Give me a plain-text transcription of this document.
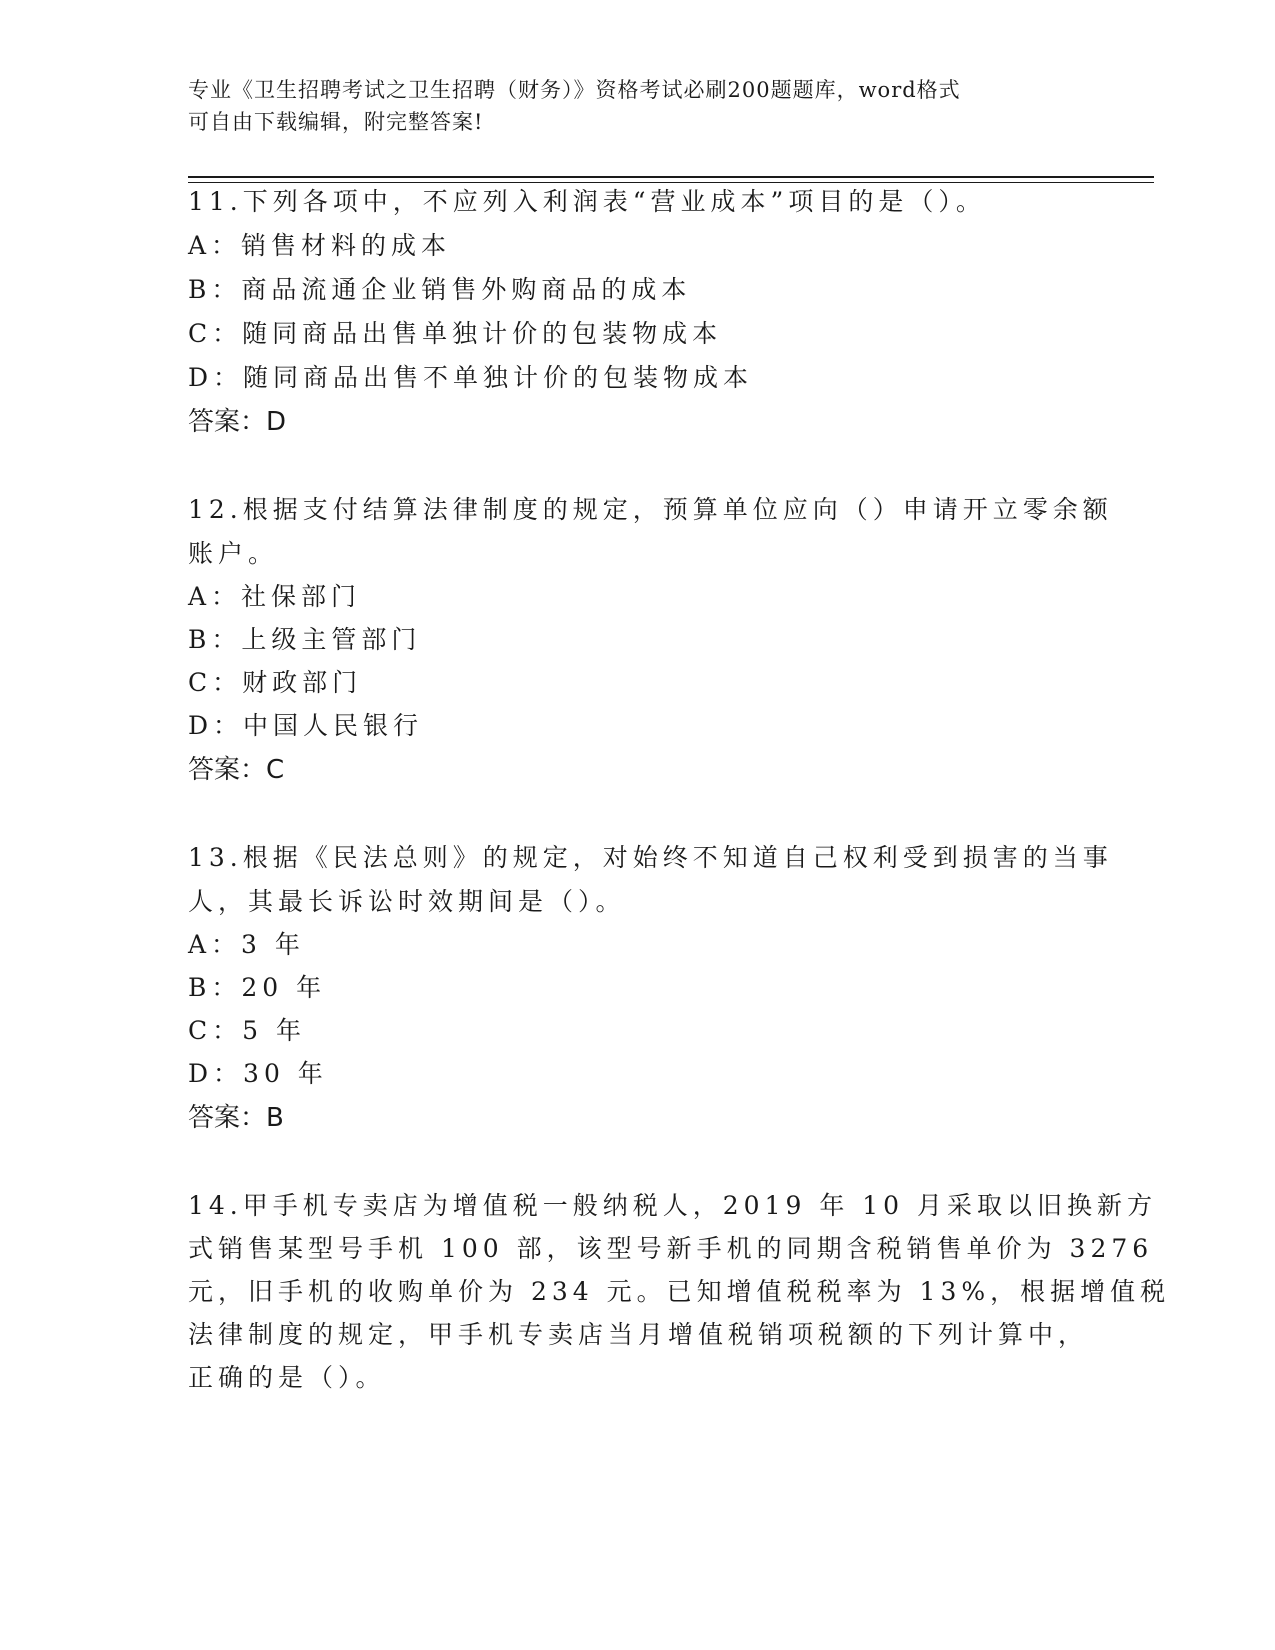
专业《卫生招聘考试之卫生招聘（财务）》资格考试必刷200题题库，word格式
可自由下载编辑，附完整答案!
11.下列各项中，不应列入利润表“营业成本”项目的是（）。
A：销售材料的成本
B：商品流通企业销售外购商品的成本
C：随同商品出售单独计价的包装物成本
D：随同商品出售不单独计价的包装物成本
答案：D
12.根据支付结算法律制度的规定，预算单位应向（）申请开立零余额
账户。
A：社保部门
B：上级主管部门
C：财政部门
D：中国人民银行
答案：C
13.根据《民法总则》的规定，对始终不知道自己权利受到损害的当事
人，其最长诉讼时效期间是（）。
A：3 年
B：20 年
C：5 年
D：30 年
答案：B
14.甲手机专卖店为增值税一般纳税人，2019 年 10 月采取以旧换新方
式销售某型号手机 100 部，该型号新手机的同期含税销售单价为 3276
元，旧手机的收购单价为 234 元。已知增值税税率为 13%，根据增值税
法律制度的规定，甲手机专卖店当月增值税销项税额的下列计算中，
正确的是（）。
